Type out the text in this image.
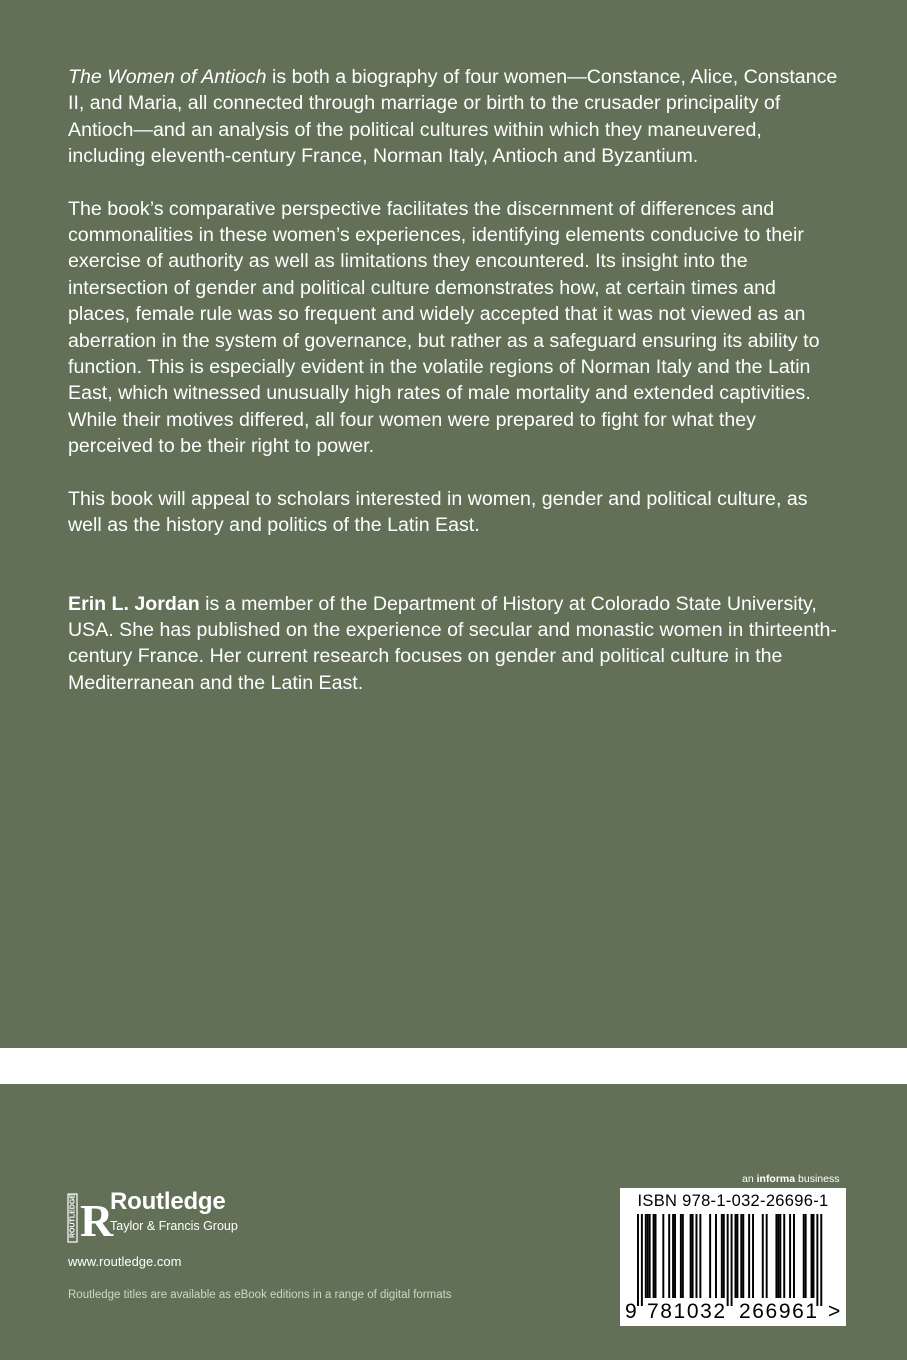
The Women of Antioch is both a biography of four women—Constance, Alice, Constance II, and Maria, all connected through marriage or birth to the crusader principality of Antioch—and an analysis of the political cultures within which they maneuvered, including eleventh-century France, Norman Italy, Antioch and Byzantium.

The book’s comparative perspective facilitates the discernment of differences and commonalities in these women’s experiences, identifying elements conducive to their exercise of authority as well as limitations they encountered. Its insight into the intersection of gender and political culture demonstrates how, at certain times and places, female rule was so frequent and widely accepted that it was not viewed as an aberration in the system of governance, but rather as a safeguard ensuring its ability to function. This is especially evident in the volatile regions of Norman Italy and the Latin East, which witnessed unusually high rates of male mortality and extended captivities. While their motives differed, all four women were prepared to fight for what they perceived to be their right to power.

This book will appeal to scholars interested in women, gender and political culture, as well as the history and politics of the Latin East.

Erin L. Jordan is a member of the Department of History at Colorado State University, USA. She has published on the experience of secular and monastic women in thirteenth-century France. Her current research focuses on gender and political culture in the Mediterranean and the Latin East.

ROUTLEDGE R
Routledge
Taylor & Francis Group
www.routledge.com
Routledge titles are available as eBook editions in a range of digital formats
an informa business
ISBN 978-1-032-26696-1
9 781032 266961 >
